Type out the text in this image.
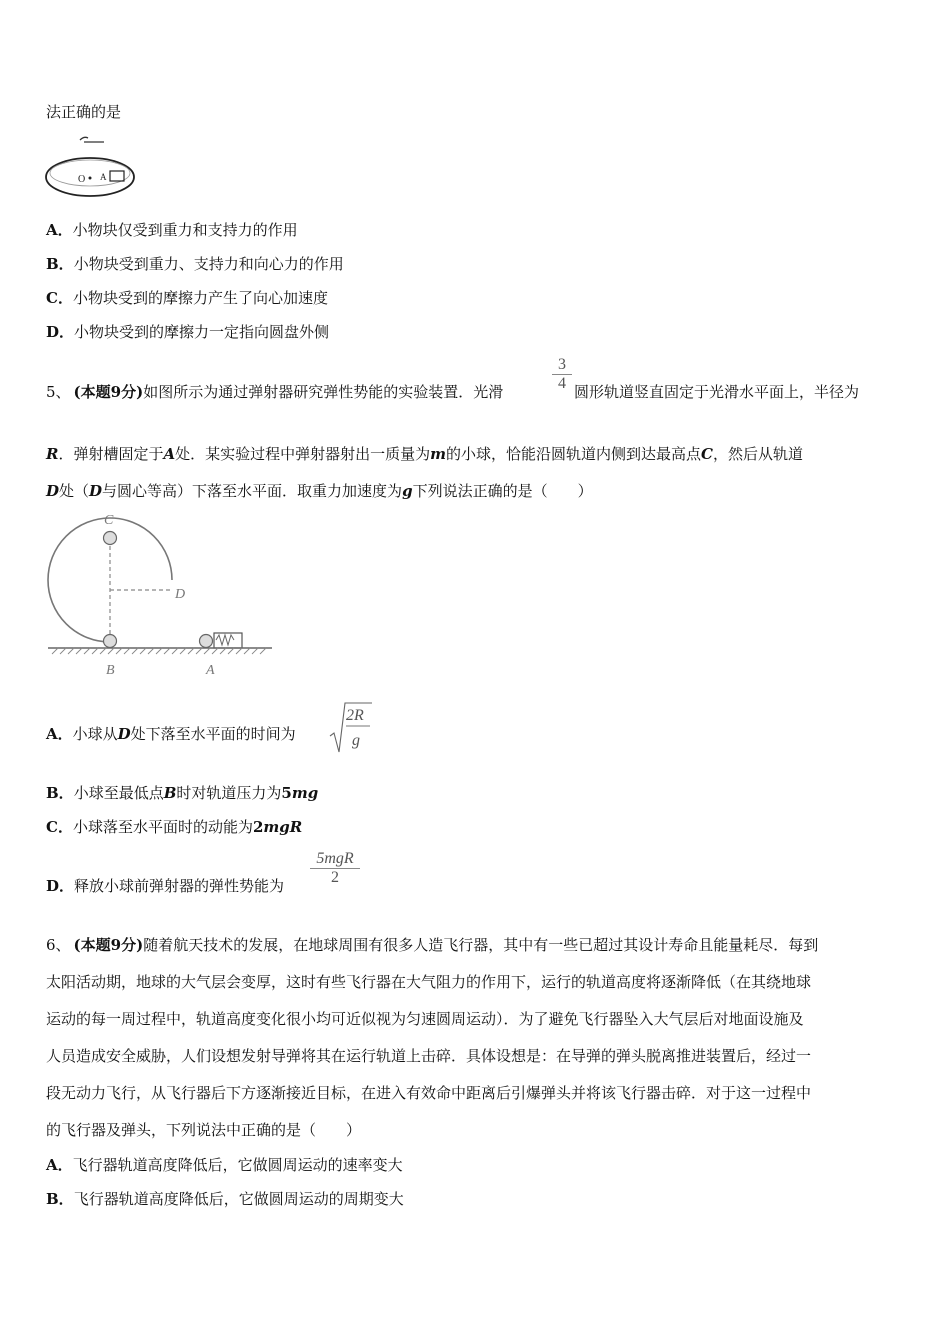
法正确的是
O A
A．小物块仅受到重力和支持力的作用
B．小物块受到重力、支持力和向心力的作用
C．小物块受到的摩擦力产生了向心加速度
D．小物块受到的摩擦力一定指向圆盘外侧
5、  (本题9分)如图所示为通过弹射器研究弹性势能的实验装置．光滑
3
4 圆形轨道竖直固定于光滑水平面上，半径为
R．弹射槽固定于A处．某实验过程中弹射器射出一质量为m的小球，恰能沿圆轨道内侧到达最高点C，然后从轨道
D处（D与圆心等高）下落至水平面．取重力加速度为g下列说法正确的是（　　）
C
D
B	A
A．小球从D处下落至水平面的时间为
2R
g
B．小球至最低点B时对轨道压力为5mg
C．小球落至水平面时的动能为2mgR
D．释放小球前弹射器的弹性势能为
5mgR
2
6、  (本题9分)随着航天技术的发展，在地球周围有很多人造飞行器，其中有一些已超过其设计寿命且能量耗尽．每到
太阳活动期，地球的大气层会变厚，这时有些飞行器在大气阻力的作用下，运行的轨道高度将逐渐降低（在其绕地球
运动的每一周过程中，轨道高度变化很小均可近似视为匀速圆周运动）．为了避免飞行器坠入大气层后对地面设施及
人员造成安全威胁，人们设想发射导弹将其在运行轨道上击碎．具体设想是：在导弹的弹头脱离推进装置后，经过一
段无动力飞行，从飞行器后下方逐渐接近目标，在进入有效命中距离后引爆弹头并将该飞行器击碎．对于这一过程中
的飞行器及弹头，下列说法中正确的是（　　）
A．飞行器轨道高度降低后，它做圆周运动的速率变大
B．飞行器轨道高度降低后，它做圆周运动的周期变大
